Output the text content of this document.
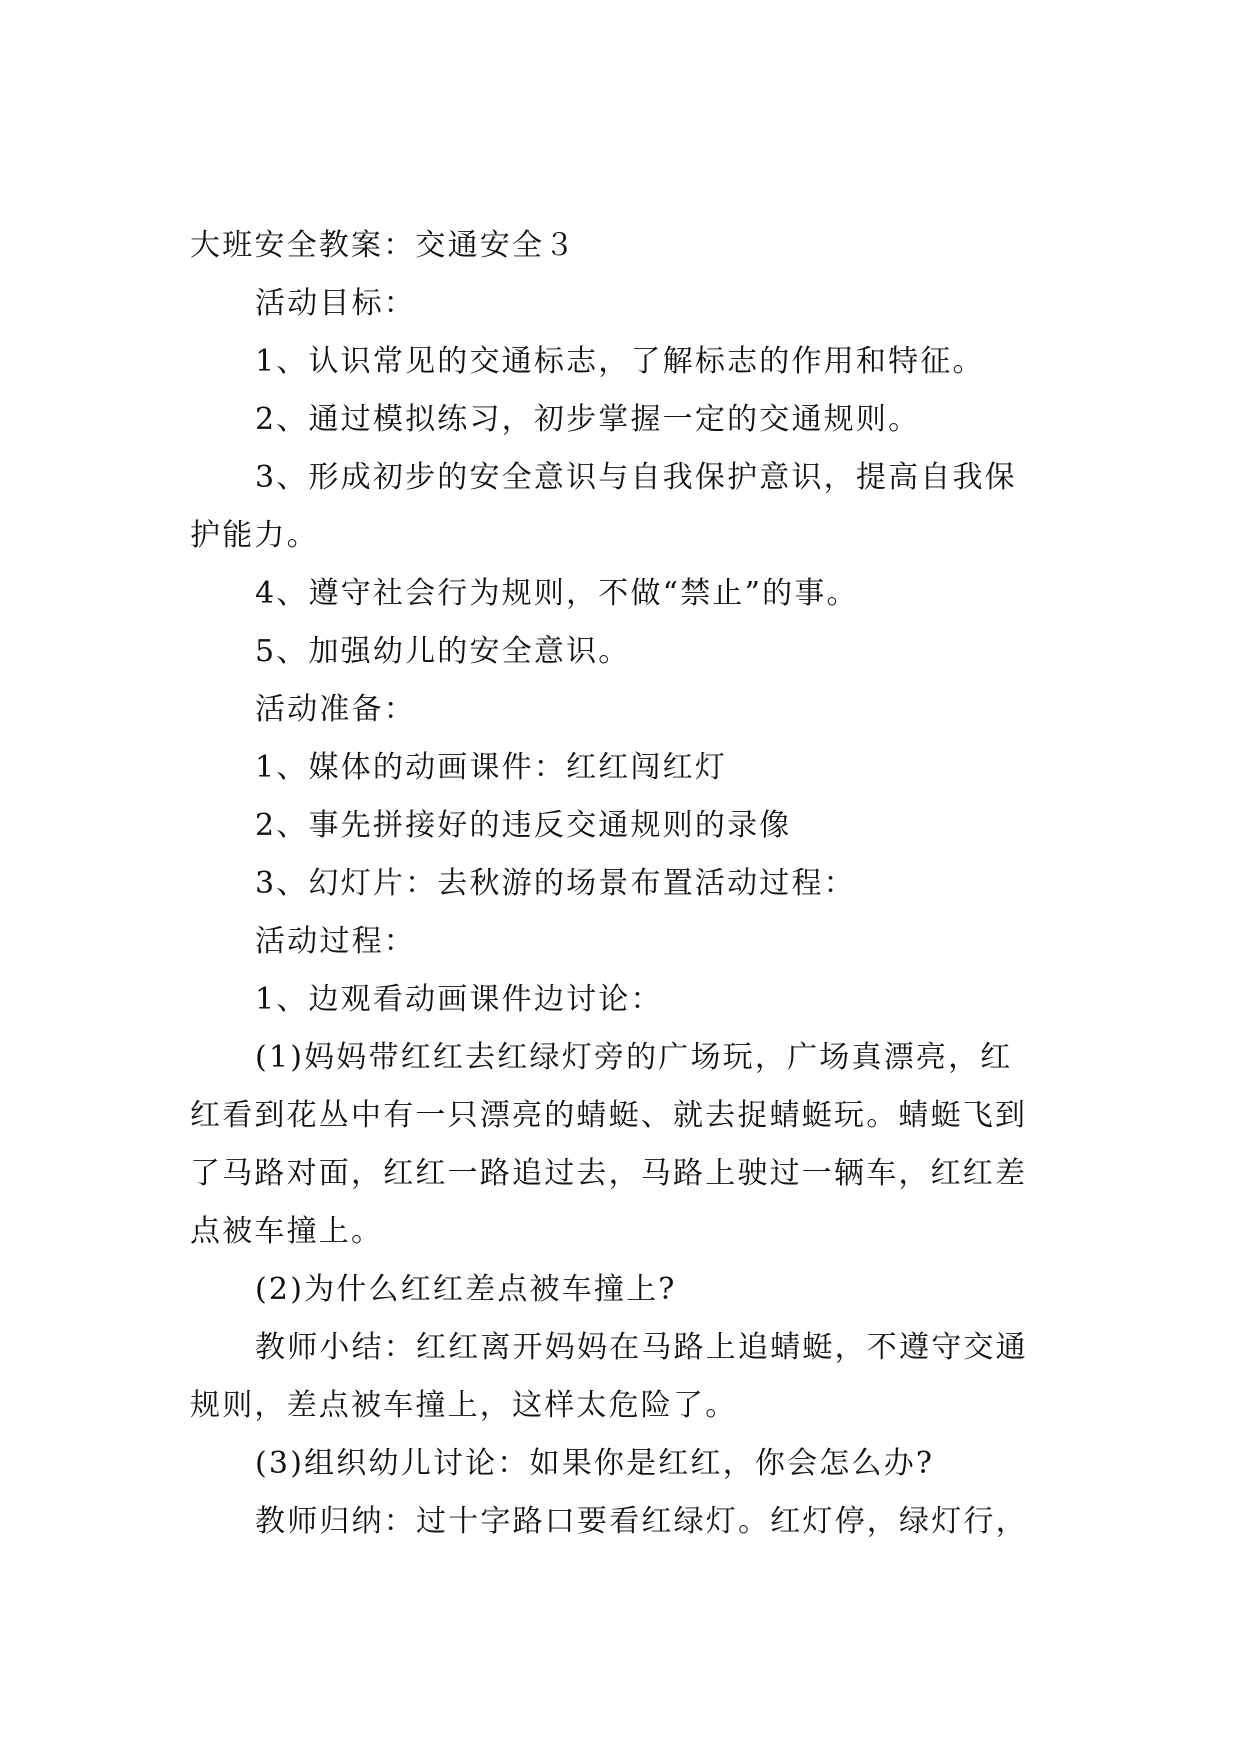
大班安全教案：交通安全３
活动目标：
1、认识常见的交通标志，了解标志的作用和特征。
2、通过模拟练习，初步掌握一定的交通规则。
3、形成初步的安全意识与自我保护意识，提高自我保
护能力。
4、遵守社会行为规则，不做“禁止”的事。
5、加强幼儿的安全意识。
活动准备：
1、媒体的动画课件：红红闯红灯
2、事先拼接好的违反交通规则的录像
3、幻灯片：去秋游的场景布置活动过程：
活动过程：
1、边观看动画课件边讨论：
(1)妈妈带红红去红绿灯旁的广场玩，广场真漂亮，红
红看到花丛中有一只漂亮的蜻蜓、就去捉蜻蜓玩。蜻蜓飞到
了马路对面，红红一路追过去，马路上驶过一辆车，红红差
点被车撞上。
(2)为什么红红差点被车撞上?
教师小结：红红离开妈妈在马路上追蜻蜓，不遵守交通
规则，差点被车撞上，这样太危险了。
(3)组织幼儿讨论：如果你是红红，你会怎么办?
教师归纳：过十字路口要看红绿灯。红灯停，绿灯行，
